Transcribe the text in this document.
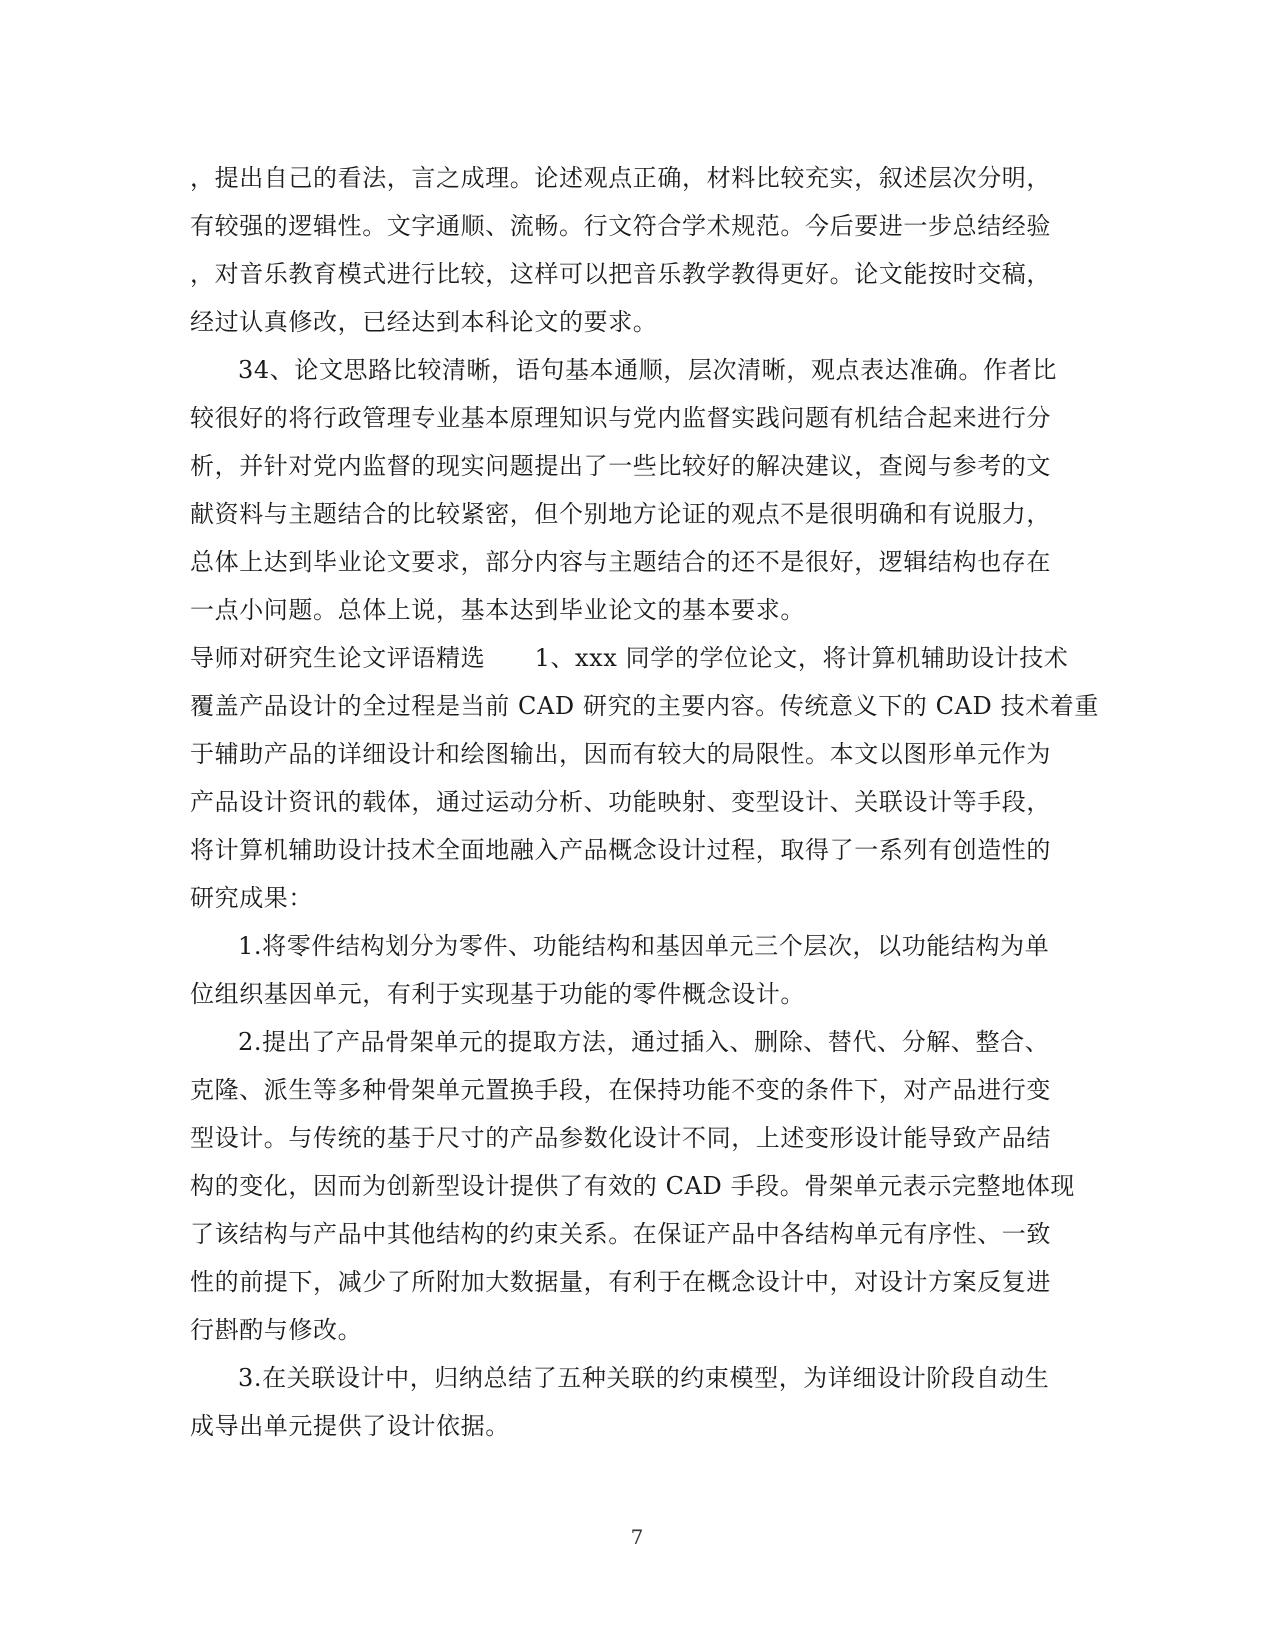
，提出自己的看法，言之成理。论述观点正确，材料比较充实，叙述层次分明，
有较强的逻辑性。文字通顺、流畅。行文符合学术规范。今后要进一步总结经验
，对音乐教育模式进行比较，这样可以把音乐教学教得更好。论文能按时交稿，
经过认真修改，已经达到本科论文的要求。
34、论文思路比较清晰，语句基本通顺，层次清晰，观点表达准确。作者比
较很好的将行政管理专业基本原理知识与党内监督实践问题有机结合起来进行分
析，并针对党内监督的现实问题提出了一些比较好的解决建议，查阅与参考的文
献资料与主题结合的比较紧密，但个别地方论证的观点不是很明确和有说服力，
总体上达到毕业论文要求，部分内容与主题结合的还不是很好，逻辑结构也存在
一点小问题。总体上说，基本达到毕业论文的基本要求。
导师对研究生论文评语精选      1、xxx 同学的学位论文，将计算机辅助设计技术
覆盖产品设计的全过程是当前 CAD 研究的主要内容。传统意义下的 CAD 技术着重
于辅助产品的详细设计和绘图输出，因而有较大的局限性。本文以图形单元作为
产品设计资讯的载体，通过运动分析、功能映射、变型设计、关联设计等手段，
将计算机辅助设计技术全面地融入产品概念设计过程，取得了一系列有创造性的
研究成果：
1.将零件结构划分为零件、功能结构和基因单元三个层次，以功能结构为单
位组织基因单元，有利于实现基于功能的零件概念设计。
2.提出了产品骨架单元的提取方法，通过插入、删除、替代、分解、整合、
克隆、派生等多种骨架单元置换手段，在保持功能不变的条件下，对产品进行变
型设计。与传统的基于尺寸的产品参数化设计不同，上述变形设计能导致产品结
构的变化，因而为创新型设计提供了有效的 CAD 手段。骨架单元表示完整地体现
了该结构与产品中其他结构的约束关系。在保证产品中各结构单元有序性、一致
性的前提下，减少了所附加大数据量，有利于在概念设计中，对设计方案反复进
行斟酌与修改。
3.在关联设计中，归纳总结了五种关联的约束模型，为详细设计阶段自动生
成导出单元提供了设计依据。
7
